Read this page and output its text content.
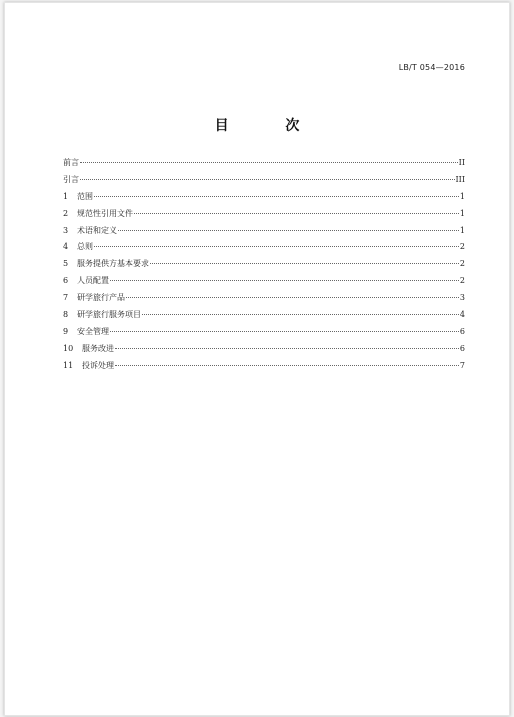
LB/T 054—2016
目 次
前言	II
引言	III
1	范围	1
2	规范性引用文件	1
3	术语和定义	1
4	总则	2
5	服务提供方基本要求	2
6	人员配置	2
7	研学旅行产品	3
8	研学旅行服务项目	4
9	安全管理	6
10	服务改进	6
11	投诉处理	7
